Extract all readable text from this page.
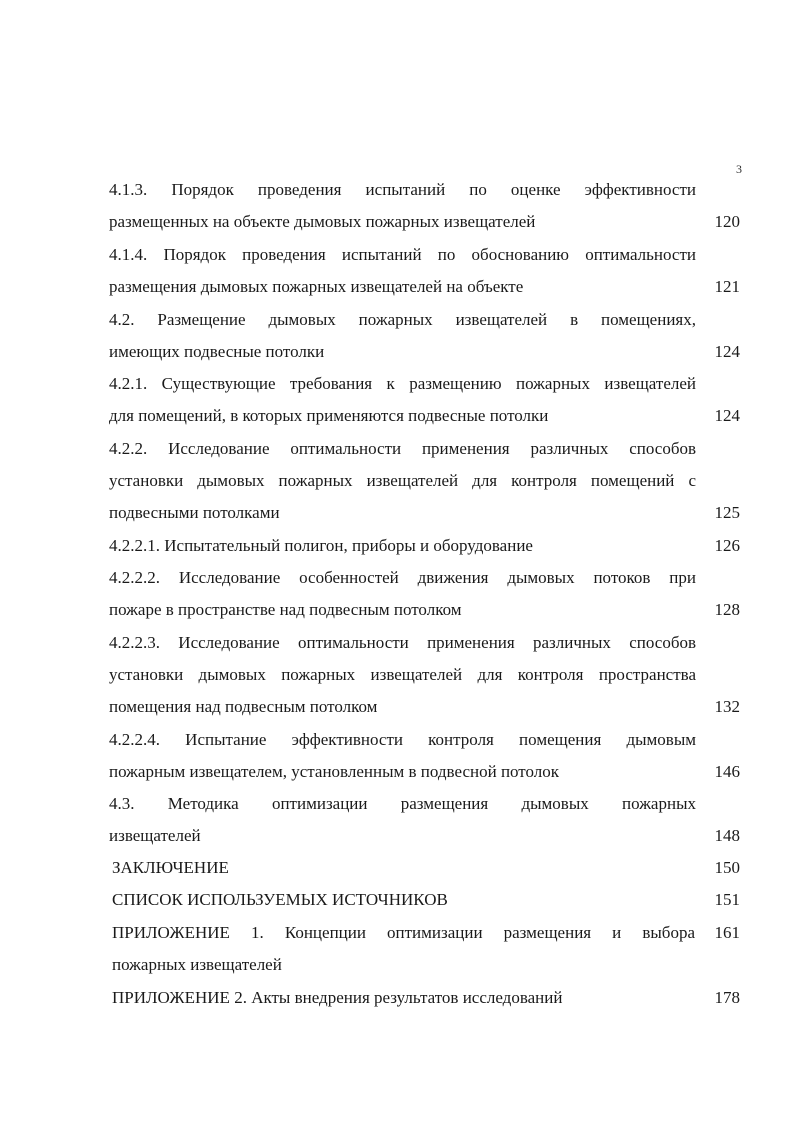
3
4.1.3. Порядок проведения испытаний по оценке эффективности
размещенных на объекте дымовых пожарных извещателей	120
4.1.4. Порядок проведения испытаний по обоснованию оптимальности
размещения дымовых пожарных извещателей на объекте	121
4.2. Размещение дымовых пожарных извещателей в помещениях,
имеющих подвесные потолки	124
4.2.1. Существующие требования к размещению пожарных извещателей
для помещений, в которых применяются подвесные потолки	124
4.2.2. Исследование оптимальности применения различных способов
установки дымовых пожарных извещателей для контроля помещений с
подвесными потолками	125
4.2.2.1. Испытательный полигон, приборы и оборудование	126
4.2.2.2. Исследование особенностей движения дымовых потоков при
пожаре в пространстве над подвесным потолком	128
4.2.2.3. Исследование оптимальности применения различных способов
установки дымовых пожарных извещателей для контроля пространства
помещения над подвесным потолком	132
4.2.2.4. Испытание эффективности контроля помещения дымовым
пожарным извещателем, установленным в подвесной потолок	146
4.3. Методика оптимизации размещения дымовых пожарных
извещателей	148
ЗАКЛЮЧЕНИЕ	150
СПИСОК ИСПОЛЬЗУЕМЫХ ИСТОЧНИКОВ	151
ПРИЛОЖЕНИЕ 1. Концепции оптимизации размещения и выбора	161
пожарных извещателей
ПРИЛОЖЕНИЕ 2. Акты внедрения результатов исследований	178
